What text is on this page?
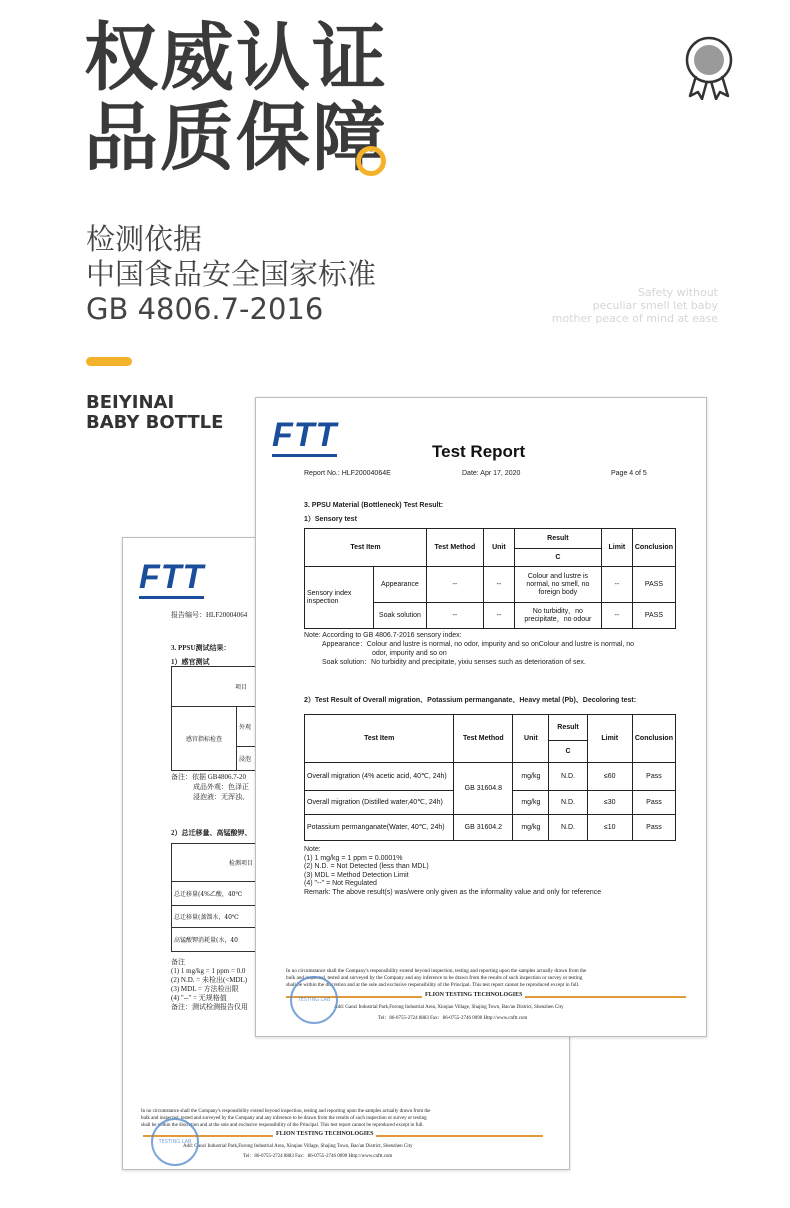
权威认证
品质保障
检测依据
中国食品安全国家标准
GB 4806.7-2016	Safety without
peculiar smell let baby
mother peace of mind at ease
BEIYINAI
BABY BOTTLE
FTT
报告编号：HLF20004064
3. PPSU测试结果：
1）感官测试
项目
感官指标检查	外观
浸泡
备注：依据 GB4806.7-20
成品外观：色泽正
浸泡液：无浑浊、
2）总迁移量、高锰酸钾、
检测项目
总迁移量(4%乙酸，40℃
总迁移量(蒸馏水，40℃
高锰酸钾消耗量(水，40
备注
(1) 1 mg/kg = 1 ppm = 0.0
(2) N.D. = 未检出(<MDL)
(3) MDL = 方法检出限
(4) "--" = 无规格值
备注：测试检测报告仅用
In no circumstance shall the Company's responsibility extend beyond inspection, testing and reporting upon the samples actually drawn from the
bulk and inspected, tested and surveyed by the Company and any inference to be drawn from the results of such inspection or survey or testing
shall be within the discretion and at the sole and exclusive responsibility of the Principal. This test report cannot be reproduced except in full.
FLION TESTING TECHNOLOGIES
Add: Gaozi Industrial Park,Furong Industrial Area, Xinqiao Village, Shajing Town, Bao'an District, Shenzhen City
Tel：86-0755-2724 8883 Fax：86-0755-2746 0090 Http://www.cnftt.com
TESTING LAB
FTT	Test Report
Report No.: HLF20004064E	Date: Apr 17, 2020	Page 4 of 5
3. PPSU Material (Bottleneck) Test Result:
1）Sensory test
Test Item		Test Method	Unit	Result	Limit	Conclusion
				C		
Sensory index inspection	Appearance	--	--	Colour and lustre is normal, no smell, no foreign body	--	PASS
	Soak solution	--	--	No turbidity，no precipitate，no odour	--	PASS
Note: According to GB 4806.7-2016 sensory index:
Appearance：Colour and lustre is normal, no odor, impurity and so onColour and lustre is normal, no
odor, impurity and so on
Soak solution：No turbidity and precipitate, yixiu senses such as deterioration of sex.
2）Test Result of Overall migration、Potassium permanganate、Heavy metal (Pb)、Decoloring test:
Test Item	Test Method	Unit	Result	Limit	Conclusion
			C		
Overall migration (4% acetic acid, 40℃, 24h)	GB 31604.8	mg/kg	N.D.	≤60	Pass
Overall migration (Distilled water,40℃, 24h)		mg/kg	N.D.	≤30	Pass
Potassium permanganate(Water, 40℃, 24h)	GB 31604.2	mg/kg	N.D.	≤10	Pass
Note:
(1) 1 mg/kg = 1 ppm = 0.0001%
(2) N.D. = Not Detected (less than MDL)
(3) MDL = Method Detection Limit
(4) "--" = Not Regulated
Remark: The above result(s) was/were only given as the informality value and only for reference
In no circumstance shall the Company's responsibility extend beyond inspection, testing and reporting upon the samples actually drawn from the
bulk and inspected, tested and surveyed by the Company and any inference to be drawn from the results of such inspection or survey or testing
shall be within the discretion and at the sole and exclusive responsibility of the Principal. This test report cannot be reproduced except in full.
FLION TESTING TECHNOLOGIES
Add: Gaozi Industrial Park,Furong Industrial Area, Xinqiao Village, Shajing Town, Bao'an District, Shenzhen City
Tel：86-0755-2724 8883 Fax：86-0755-2746 0090 Http://www.cnftt.com
TESTING LAB
